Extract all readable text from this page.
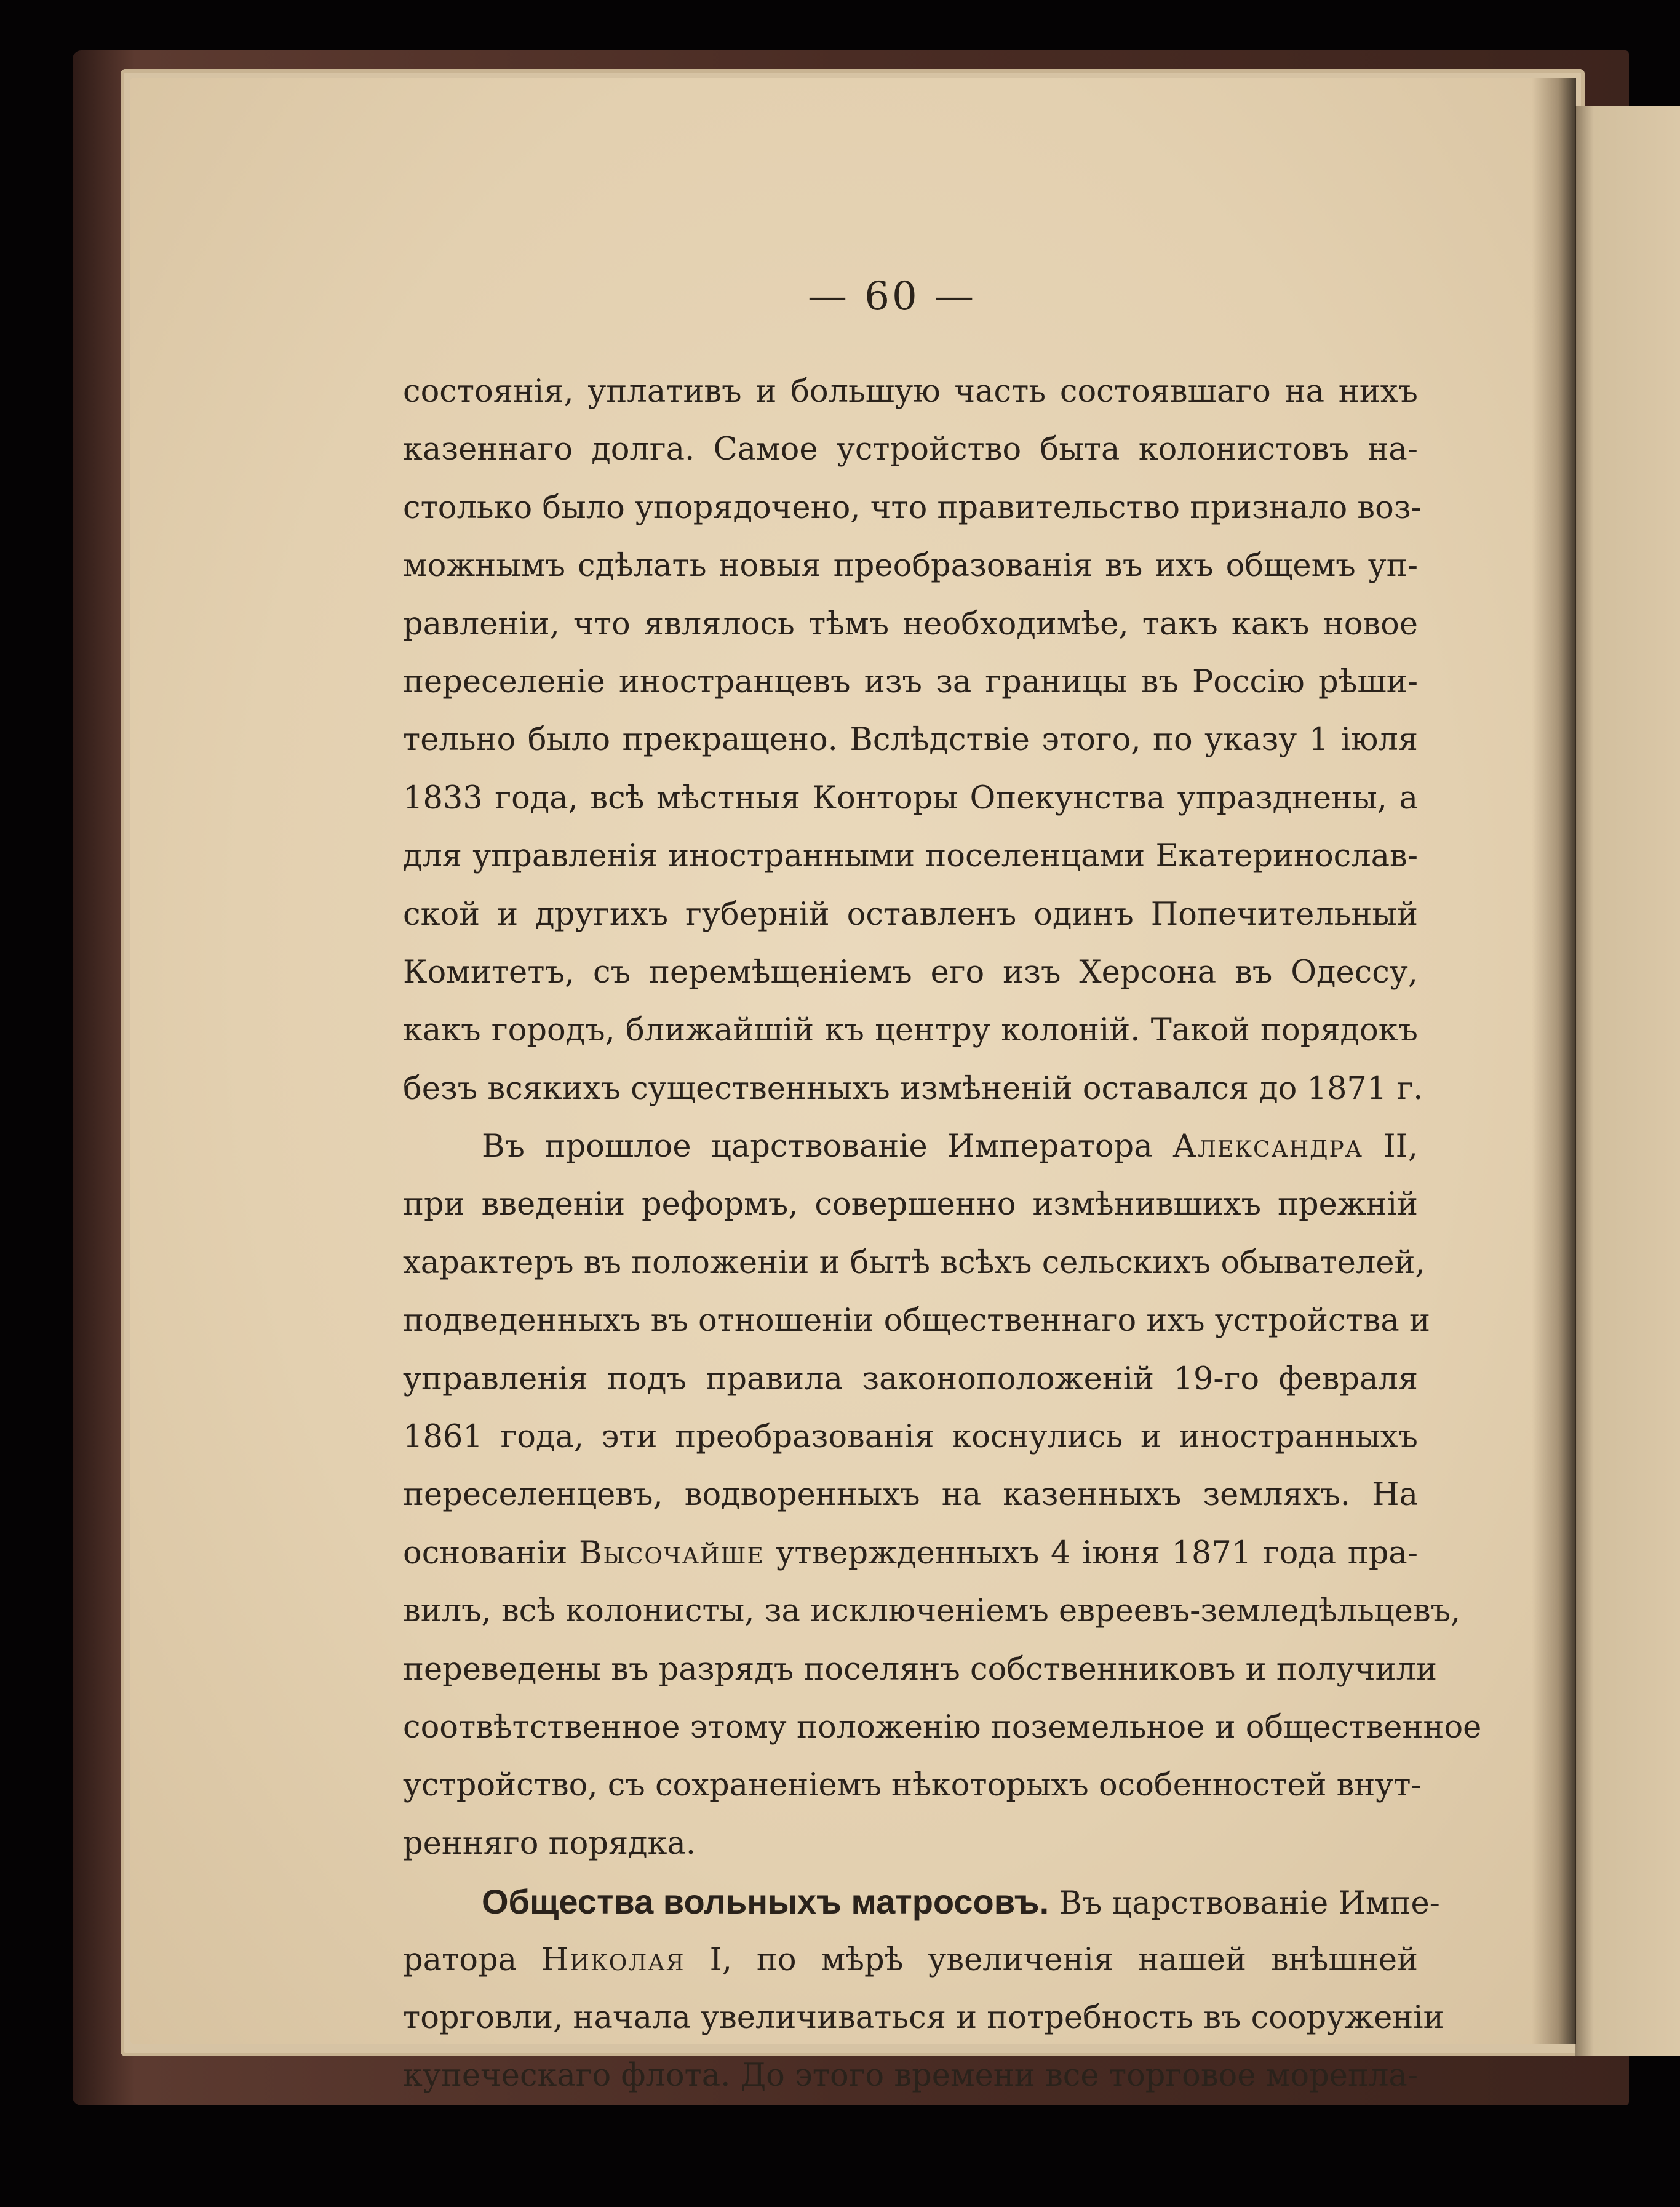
— 60 —
состоянія, уплативъ и большую часть состоявшаго на нихъ
казеннаго долга. Самое устройство быта колонистовъ на-
столько было упорядочено, что правительство признало воз-
можнымъ сдѣлать новыя преобразованія въ ихъ общемъ уп-
равленіи, что являлось тѣмъ необходимѣе, такъ какъ новое
переселеніе иностранцевъ изъ за границы въ Россію рѣши-
тельно было прекращено. Вслѣдствіе этого, по указу 1 іюля
1833 года, всѣ мѣстныя Конторы Опекунства упразднены, а
для управленія иностранными поселенцами Екатеринослав-
ской и другихъ губерній оставленъ одинъ Попечительный
Комитетъ, съ перемѣщеніемъ его изъ Херсона въ Одессу,
какъ городъ, ближайшій къ центру колоній. Такой порядокъ
безъ всякихъ существенныхъ измѣненій оставался до 1871 г.
Въ прошлое царствованіе Императора Александра II,
при введеніи реформъ, совершенно измѣнившихъ прежній
характеръ въ положеніи и бытѣ всѣхъ сельскихъ обывателей,
подведенныхъ въ отношеніи общественнаго ихъ устройства и
управленія подъ правила законоположеній 19-го февраля
1861 года, эти преобразованія коснулись и иностранныхъ
переселенцевъ, водворенныхъ на казенныхъ земляхъ. На
основаніи Высочайше утвержденныхъ 4 іюня 1871 года пра-
вилъ, всѣ колонисты, за исключеніемъ евреевъ-земледѣльцевъ,
переведены въ разрядъ поселянъ собственниковъ и получили
соотвѣтственное этому положенію поземельное и общественное
устройство, съ сохраненіемъ нѣкоторыхъ особенностей внут-
ренняго порядка.
Общества вольныхъ матросовъ. Въ царствованіе Импе-
ратора Николая I, по мѣрѣ увеличенія нашей внѣшней
торговли, начала увеличиваться и потребность въ сооруженіи
купеческаго флота. До этого времени все торговое морепла-
